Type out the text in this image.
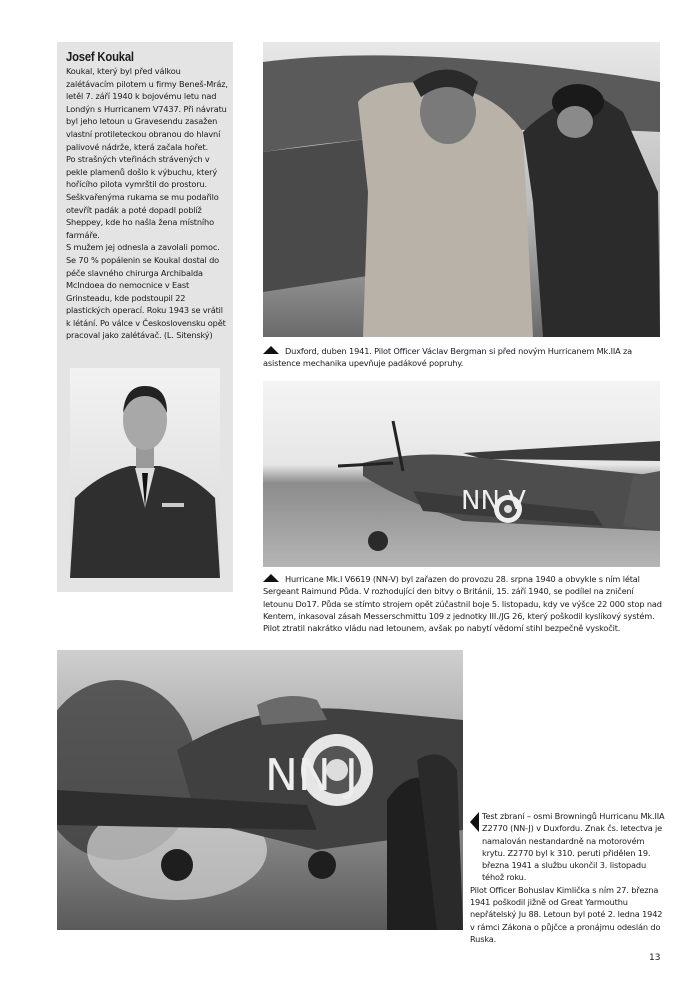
Josef Koukal

Koukal, který byl před válkou zalétávacím pilotem u firmy Beneš-Mráz, letěl 7. září 1940 k bojovému letu nad Londýn s Hurricanem V7437. Při návratu byl jeho letoun u Gravesendu zasažen vlastní protileteckou obranou do hlavní palivové nádrže, která začala hořet.

Po strašných vteřinách strávených v pekle plamenů došlo k výbuchu, který hořícího pilota vymrštil do prostoru. Seškvařenýma rukama se mu podařilo otevřít padák a poté dopadl poblíž Sheppey, kde ho našla žena místního farmáře.

S mužem jej odnesla a zavolali pomoc. Se 70 % popálenin se Koukal dostal do péče slavného chirurga Archibalda McIndoea do nemocnice v East Grinsteadu, kde podstoupil 22 plastických operací. Roku 1943 se vrátil k létání. Po válce v Československu opět pracoval jako zalétávač. (L. Sitenský)

Duxford, duben 1941. Pilot Officer Václav Bergman si před novým Hurricanem Mk.IIA za asistence mechanika upevňuje padákové popruhy.
NN V
Hurricane Mk.I V6619 (NN-V) byl zařazen do provozu 28. srpna 1940 a obvykle s ním létal Sergeant Raimund Půda. V rozhodující den bitvy o Británii, 15. září 1940, se podílel na zničení letounu Do17. Půda se stímto strojem opět zúčastnil boje 5. listopadu, kdy ve výšce 22 000 stop nad Kentem, inkasoval zásah Messerschmittu 109 z jednotky III./JG 26, který poškodil kyslíkový systém. Pilot ztratil nakrátko vládu nad letounem, avšak po nabytí vědomí stihl bezpečně vyskočit.
NN J
Test zbraní – osmi Browningů Hurricanu Mk.IIA Z2770 (NN-J) v Duxfordu. Znak čs. letectva je namalován nestandardně na motorovém krytu. Z2770 byl k 310. peruti přidělen 19. března 1941 a službu ukončil 3. listopadu téhož roku.
Pilot Officer Bohuslav Kimlička s ním 27. března 1941 poškodil jižně od Great Yarmouthu nepřátelský Ju 88. Letoun byl poté 2. ledna 1942 v rámci Zákona o půjčce a pronájmu odeslán do Ruska.
13
